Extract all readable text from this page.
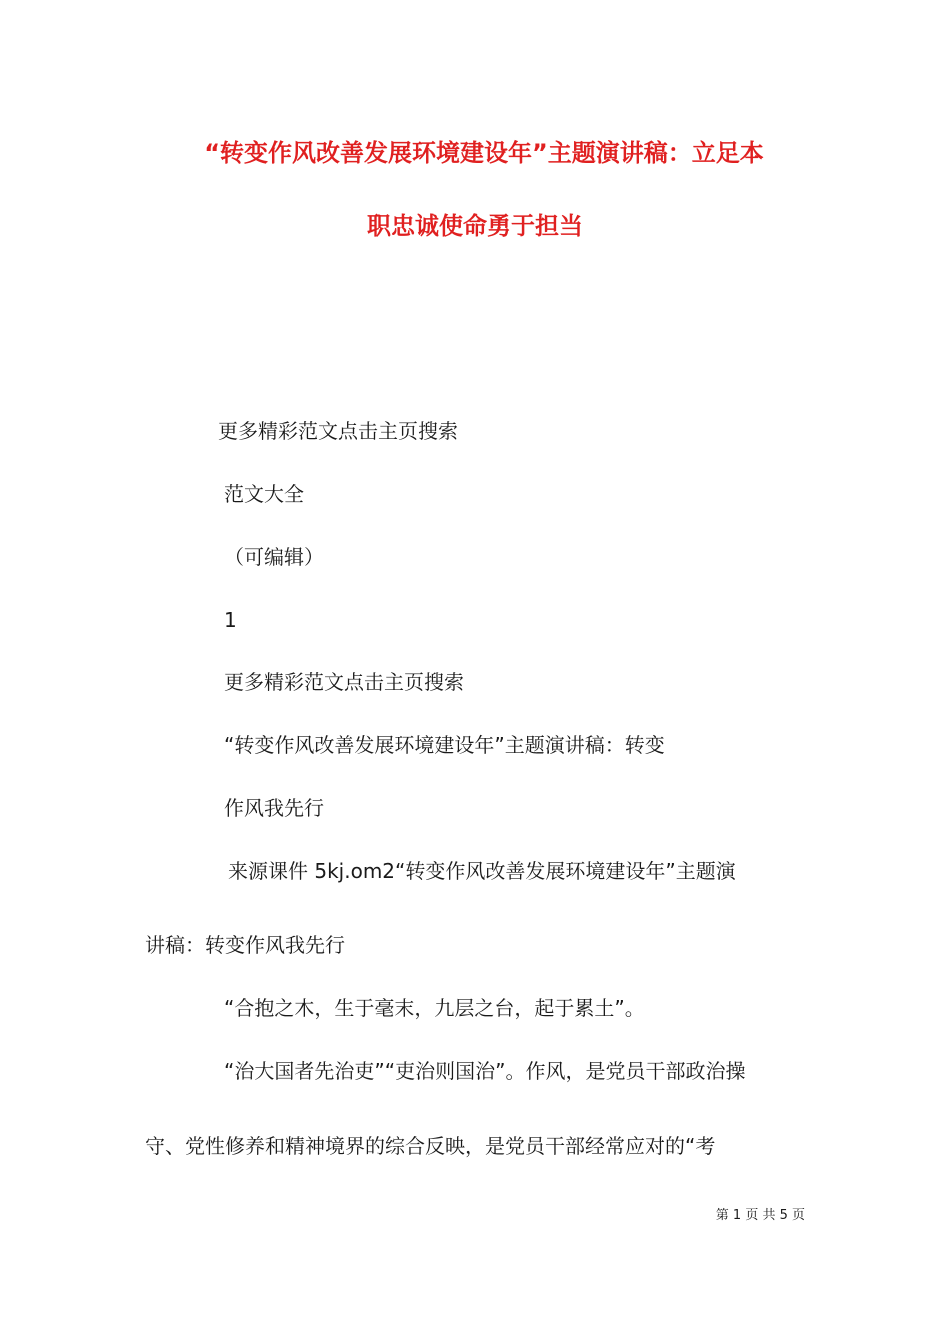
“转变作风改善发展环境建设年”主题演讲稿：立足本
职忠诚使命勇于担当
更多精彩范文点击主页搜索
范文大全
（可编辑）
1
更多精彩范文点击主页搜索
“转变作风改善发展环境建设年”主题演讲稿：转变
作风我先行
来源课件 5kj.om2“转变作风改善发展环境建设年”主题演
讲稿：转变作风我先行
“合抱之木，生于毫末，九层之台，起于累土”。
“治大国者先治吏”“吏治则国治”。作风，是党员干部政治操
守、党性修养和精神境界的综合反映，是党员干部经常应对的“考
第 1 页 共 5 页
